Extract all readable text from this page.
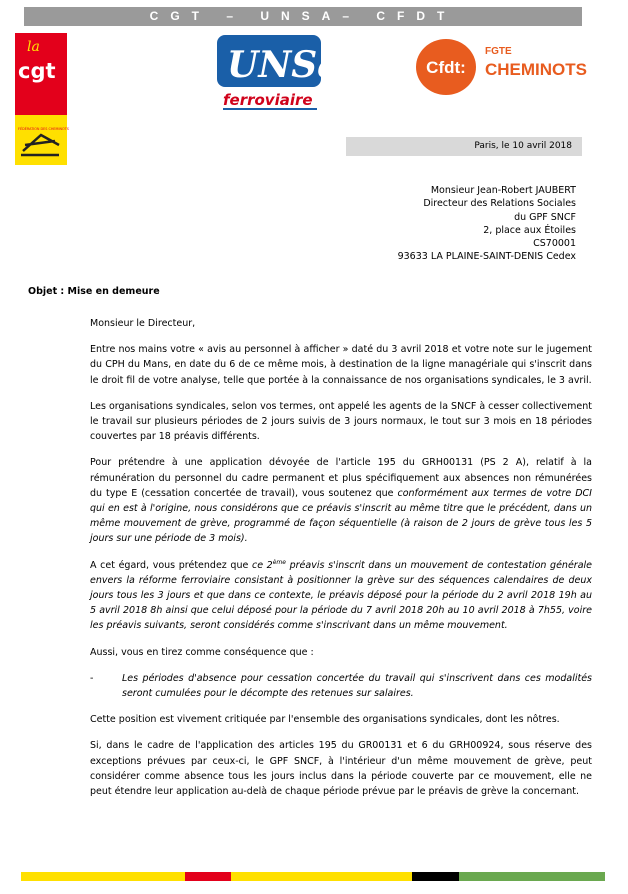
CGT – UNSA– CFDT
la
cgt
FÉDÉRATION DES CHEMINOTS
UNSa
ferroviaire
Cfdt:
FGTE
CHEMINOTS
Paris, le 10 avril 2018
Monsieur Jean-Robert JAUBERT
Directeur des Relations Sociales
du GPF SNCF
2, place aux Étoiles
CS70001
93633 LA PLAINE-SAINT-DENIS Cedex
Objet : Mise en demeure

Monsieur le Directeur,

Entre nos mains votre « avis au personnel à afficher » daté du 3 avril 2018 et votre note sur le jugement du CPH du Mans, en date du 6 de ce même mois, à destination de la ligne managériale qui s'inscrit dans le droit fil de votre analyse, telle que portée à la connaissance de nos organisations syndicales, le 3 avril.

Les organisations syndicales, selon vos termes, ont appelé les agents de la SNCF à cesser collectivement le travail sur plusieurs périodes de 2 jours suivis de 3 jours normaux, le tout sur 3 mois en 18 périodes couvertes par 18 préavis différents.

Pour prétendre à une application dévoyée de l'article 195 du GRH00131 (PS 2 A), relatif à la rémunération du personnel du cadre permanent et plus spécifiquement aux absences non rémunérées du type E (cessation concertée de travail), vous soutenez que conformément aux termes de votre DCI qui en est à l'origine, nous considérons que ce préavis s'inscrit au même titre que le précédent, dans un même mouvement de grève, programmé de façon séquentielle (à raison de 2 jours de grève tous les 5 jours sur une période de 3 mois).

A cet égard, vous prétendez que ce 2ème préavis s'inscrit dans un mouvement de contestation générale envers la réforme ferroviaire consistant à positionner la grève sur des séquences calendaires de deux jours tous les 3 jours et que dans ce contexte, le préavis déposé pour la période du 2 avril 2018 19h au 5 avril 2018 8h ainsi que celui déposé pour la période du 7 avril 2018 20h au 10 avril 2018 à 7h55, voire les préavis suivants, seront considérés comme s'inscrivant dans un même mouvement.

Aussi, vous en tirez comme conséquence que :

-	Les périodes d'absence pour cessation concertée du travail qui s'inscrivent dans ces modalités seront cumulées pour le décompte des retenues sur salaires.

Cette position est vivement critiquée par l'ensemble des organisations syndicales, dont les nôtres.

Si, dans le cadre de l'application des articles 195 du GR00131 et 6 du GRH00924, sous réserve des exceptions prévues par ceux-ci, le GPF SNCF, à l'intérieur d'un même mouvement de grève, peut considérer comme absence tous les jours inclus dans la période couverte par ce mouvement, elle ne peut étendre leur application au-delà de chaque période prévue par le préavis de grève la concernant.
